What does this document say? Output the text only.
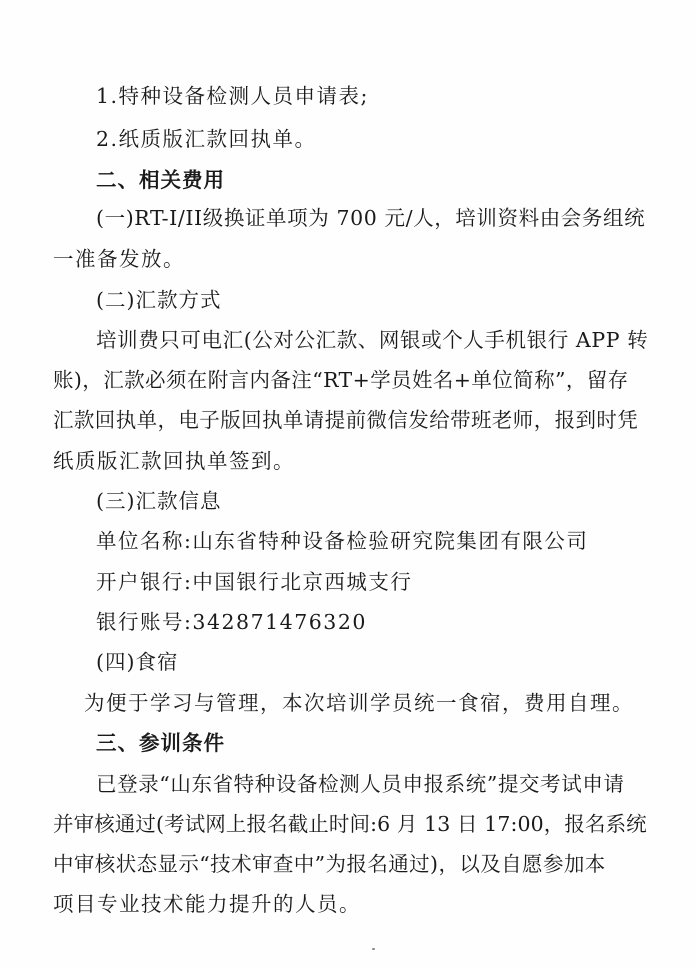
1.特种设备检测人员申请表;
2.纸质版汇款回执单。
二、相关费用
(一)RT-I/II级换证单项为 700 元/人，培训资料由会务组统
一准备发放。
(二)汇款方式
培训费只可电汇(公对公汇款、网银或个人手机银行 APP 转
账)，汇款必须在附言内备注“RT+学员姓名+单位简称”，留存
汇款回执单，电子版回执单请提前微信发给带班老师，报到时凭
纸质版汇款回执单签到。
(三)汇款信息
单位名称:山东省特种设备检验研究院集团有限公司
开户银行:中国银行北京西城支行
银行账号:342871476320
(四)食宿
为便于学习与管理，本次培训学员统一食宿，费用自理。
三、参训条件
已登录“山东省特种设备检测人员申报系统”提交考试申请
并审核通过(考试网上报名截止时间:6 月 13 日 17:00，报名系统
中审核状态显示“技术审查中”为报名通过)，以及自愿参加本
项目专业技术能力提升的人员。
